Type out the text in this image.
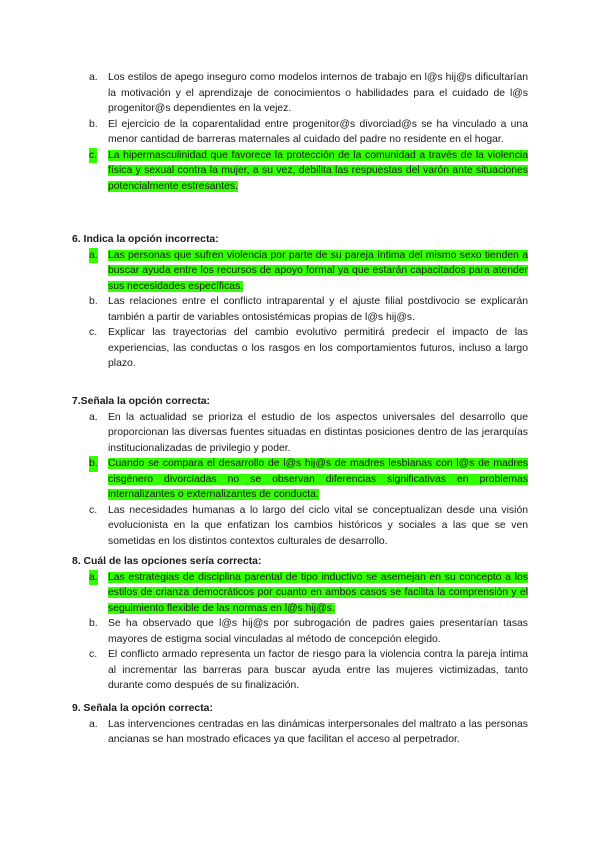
a. Los estilos de apego inseguro como modelos internos de trabajo en l@s hij@s dificultarían la motivación y el aprendizaje de conocimientos o habilidades para el cuidado de l@s progenitor@s dependientes en la vejez.
b. El ejercicio de la coparentalidad entre progenitor@s divorciad@s se ha vinculado a una menor cantidad de barreras maternales al cuidado del padre no residente en el hogar.
c. La hipermasculinidad que favorece la protección de la comunidad a través de la violencia física y sexual contra la mujer, a su vez, debilita las respuestas del varón ante situaciones potencialmente estresantes.
6. Indica la opción incorrecta:
a. Las personas que sufren violencia por parte de su pareja íntima del mismo sexo tienden a buscar ayuda entre los recursos de apoyo formal ya que estarán capacitados para atender sus necesidades específicas.
b. Las relaciones entre el conflicto intraparental y el ajuste filial postdivocio se explicarán también a partir de variables ontosistémicas propias de l@s hij@s.
c. Explicar las trayectorias del cambio evolutivo permitirá predecir el impacto de las experiencias, las conductas o los rasgos en los comportamientos futuros, incluso a largo plazo.
7.Señala la opción correcta:
a. En la actualidad se prioriza el estudio de los aspectos universales del desarrollo que proporcionan las diversas fuentes situadas en distintas posiciones dentro de las jerarquías institucionalizadas de privilegio y poder.
b. Cuando se compara el desarrollo de l@s hij@s de madres lesbianas con l@s de madres cisgénero divorciadas no se observan diferencias significativas en problemas internalizantes o externalizantes de conducta.
c. Las necesidades humanas a lo largo del ciclo vital se conceptualizan desde una visión evolucionista en la que enfatizan los cambios históricos y sociales a las que se ven sometidas en los distintos contextos culturales de desarrollo.
8. Cuál de las opciones sería correcta:
a. Las estrategias de disciplina parental de tipo inductivo se asemejan en su concepto a los estilos de crianza democráticos por cuanto en ambos casos se facilita la comprensión y el seguimiento flexible de las normas en l@s hij@s.
b. Se ha observado que l@s hij@s por subrogación de padres gaies presentarían tasas mayores de estigma social vinculadas al método de concepción elegido.
c. El conflicto armado representa un factor de riesgo para la violencia contra la pareja íntima al incrementar las barreras para buscar ayuda entre las mujeres victimizadas, tanto durante como después de su finalización.
9. Señala la opción correcta:
a. Las intervenciones centradas en las dinámicas interpersonales del maltrato a las personas ancianas se han mostrado eficaces ya que facilitan el acceso al perpetrador.
